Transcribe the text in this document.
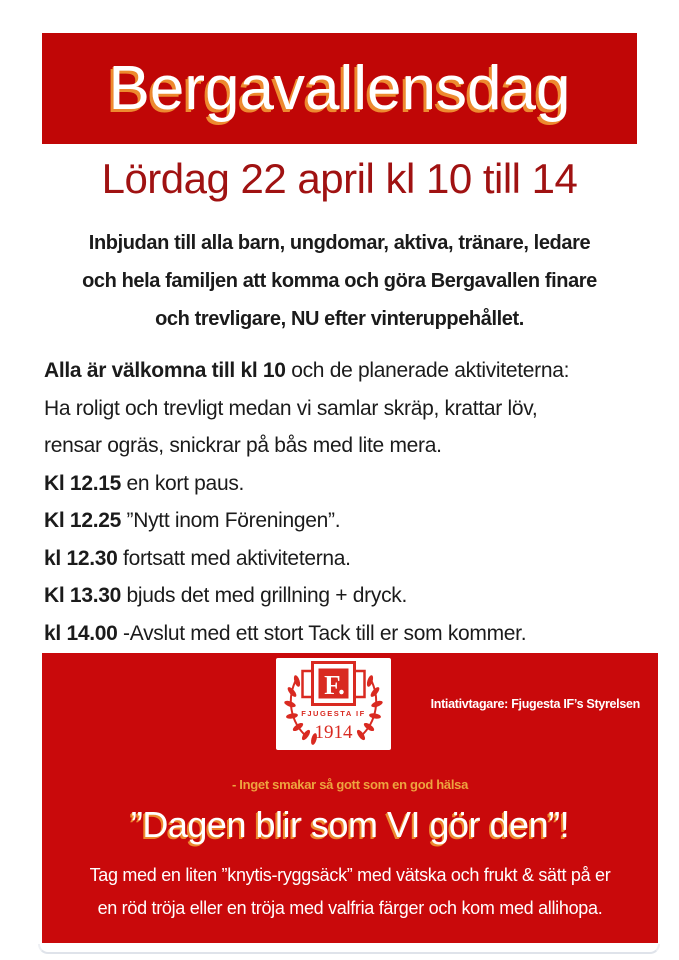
Bergavallensdag
Lördag 22 april kl 10 till 14
Inbjudan till alla barn, ungdomar, aktiva, tränare, ledare
och hela familjen att komma och göra Bergavallen finare
och trevligare, NU efter vinteruppehållet.
Alla är välkomna till kl 10 och de planerade aktiviteterna:
Ha roligt och trevligt medan vi samlar skräp, krattar löv,
rensar ogräs, snickrar på bås med lite mera.
Kl 12.15 en kort paus.
Kl 12.25 ”Nytt inom Föreningen”.
kl 12.30 fortsatt med aktiviteterna.
Kl 13.30 bjuds det med grillning + dryck.
kl 14.00 -Avslut med ett stort Tack till er som kommer.
F.
FJUGESTA IF
1914
Intiativtagare: Fjugesta IF’s Styrelsen
- Inget smakar så gott som en god hälsa
”Dagen blir som VI gör den”!
Tag med en liten ”knytis-ryggsäck” med vätska och frukt & sätt på er
en röd tröja eller en tröja med valfria färger och kom med allihopa.
